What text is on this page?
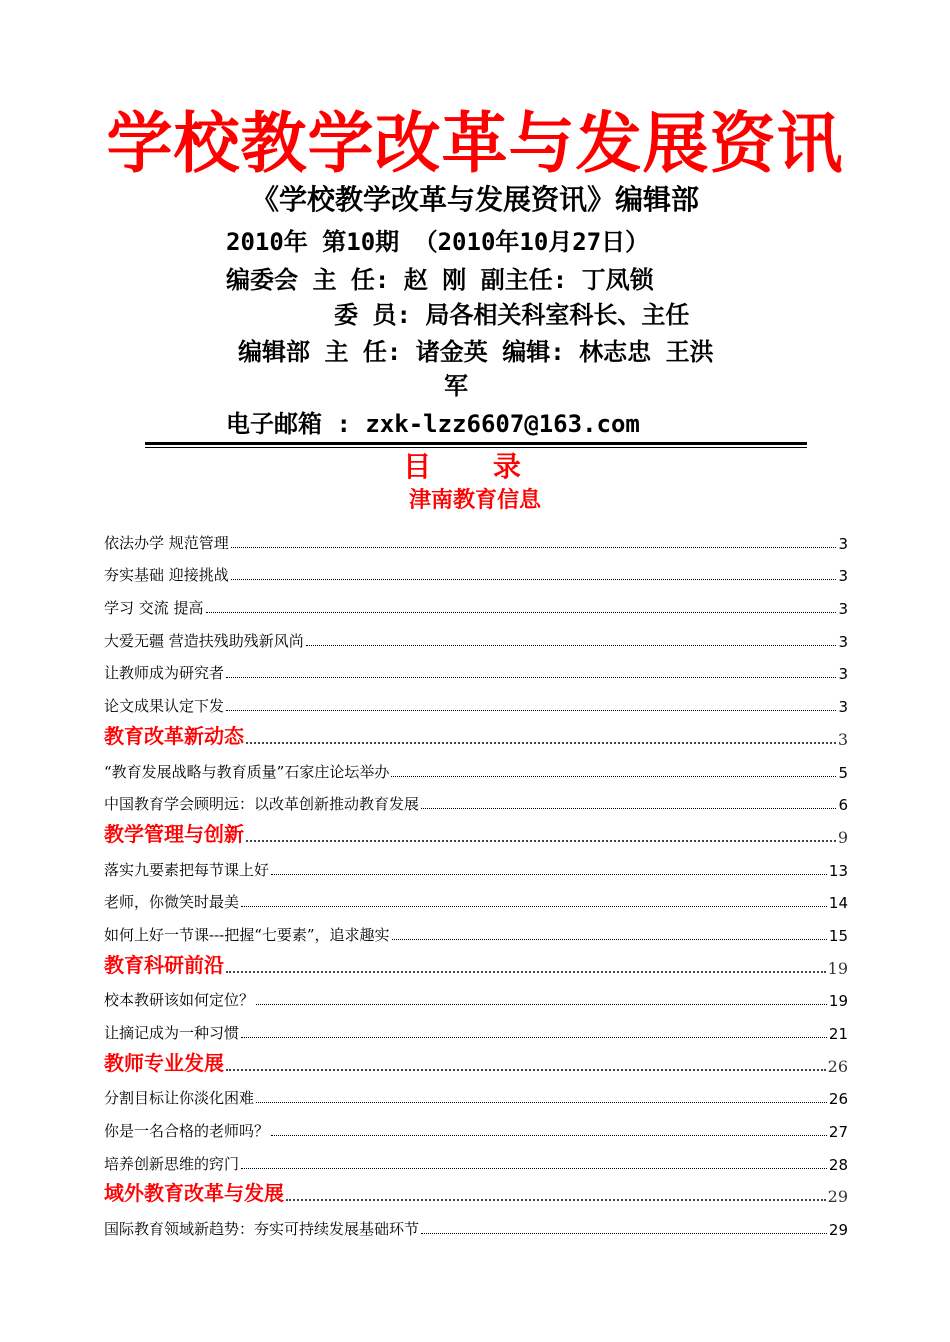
学校教学改革与发展资讯
《学校教学改革与发展资讯》编辑部
2010年 第10期 （2010年10月27日）
编委会 主 任: 赵 刚 副主任: 丁凤锁
委 员: 局各相关科室科长、主任
编辑部 主 任: 诸金英 编辑: 林志忠 王洪
军
电子邮箱 : zxk-lzz6607@163.com
目 录
津南教育信息
依法办学 规范管理	3
夯实基础 迎接挑战	3
学习 交流 提高	3
大爱无疆 营造扶残助残新风尚	3
让教师成为研究者	3
论文成果认定下发	3
教育改革新动态	3
“教育发展战略与教育质量”石家庄论坛举办	5
中国教育学会顾明远：以改革创新推动教育发展	6
教学管理与创新	9
落实九要素把每节课上好	13
老师，你微笑时最美	14
如何上好一节课---把握“七要素”，追求趣实	15
教育科研前沿	19
校本教研该如何定位？	19
让摘记成为一种习惯	21
教师专业发展	26
分割目标让你淡化困难	26
你是一名合格的老师吗？	27
培养创新思维的窍门	28
域外教育改革与发展	29
国际教育领域新趋势：夯实可持续发展基础环节	29
